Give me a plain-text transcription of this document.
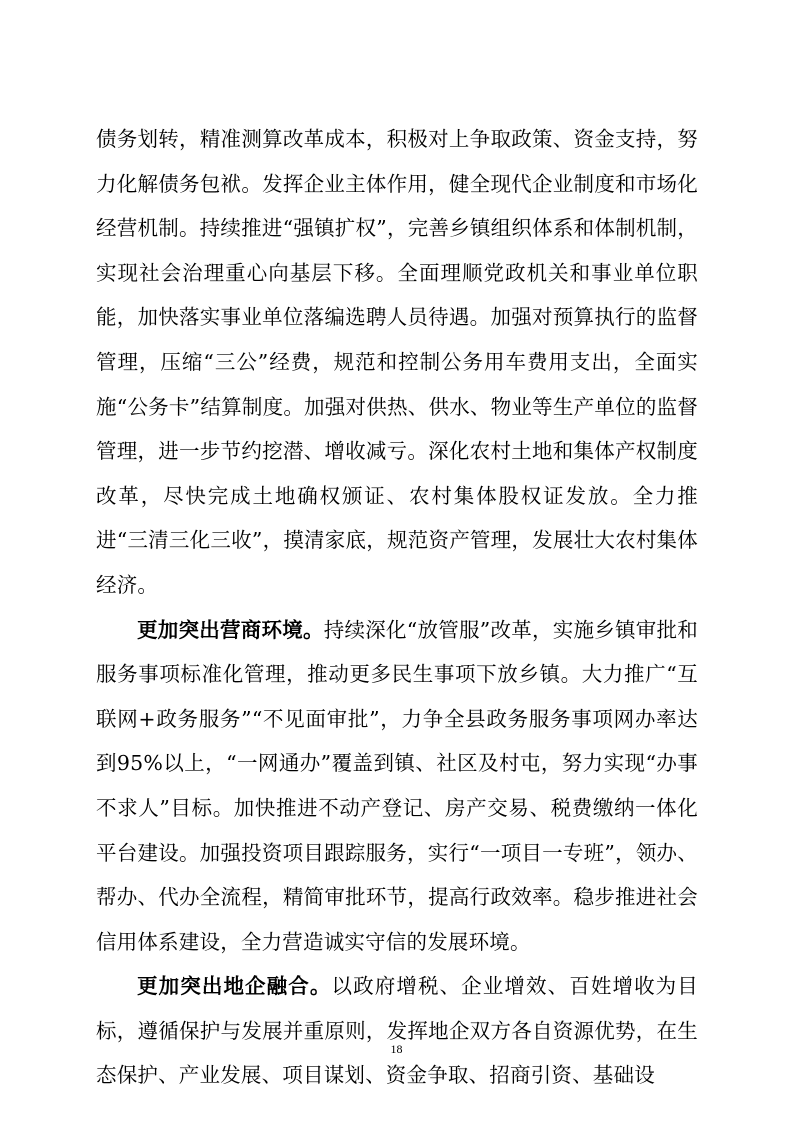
债务划转，精准测算改革成本，积极对上争取政策、资金支持，努力化解债务包袱。发挥企业主体作用，健全现代企业制度和市场化经营机制。持续推进“强镇扩权”，完善乡镇组织体系和体制机制，实现社会治理重心向基层下移。全面理顺党政机关和事业单位职能，加快落实事业单位落编选聘人员待遇。加强对预算执行的监督管理，压缩“三公”经费，规范和控制公务用车费用支出，全面实施“公务卡”结算制度。加强对供热、供水、物业等生产单位的监督管理，进一步节约挖潜、增收减亏。深化农村土地和集体产权制度改革，尽快完成土地确权颁证、农村集体股权证发放。全力推进“三清三化三收”，摸清家底，规范资产管理，发展壮大农村集体经济。

更加突出营商环境。持续深化“放管服”改革，实施乡镇审批和服务事项标准化管理，推动更多民生事项下放乡镇。大力推广“互联网+政务服务”“不见面审批”，力争全县政务服务事项网办率达到95%以上，“一网通办”覆盖到镇、社区及村屯，努力实现“办事不求人”目标。加快推进不动产登记、房产交易、税费缴纳一体化平台建设。加强投资项目跟踪服务，实行“一项目一专班”，领办、帮办、代办全流程，精简审批环节，提高行政效率。稳步推进社会信用体系建设，全力营造诚实守信的发展环境。

更加突出地企融合。以政府增税、企业增效、百姓增收为目标，遵循保护与发展并重原则，发挥地企双方各自资源优势，在生态保护、产业发展、项目谋划、资金争取、招商引资、基础设

18
